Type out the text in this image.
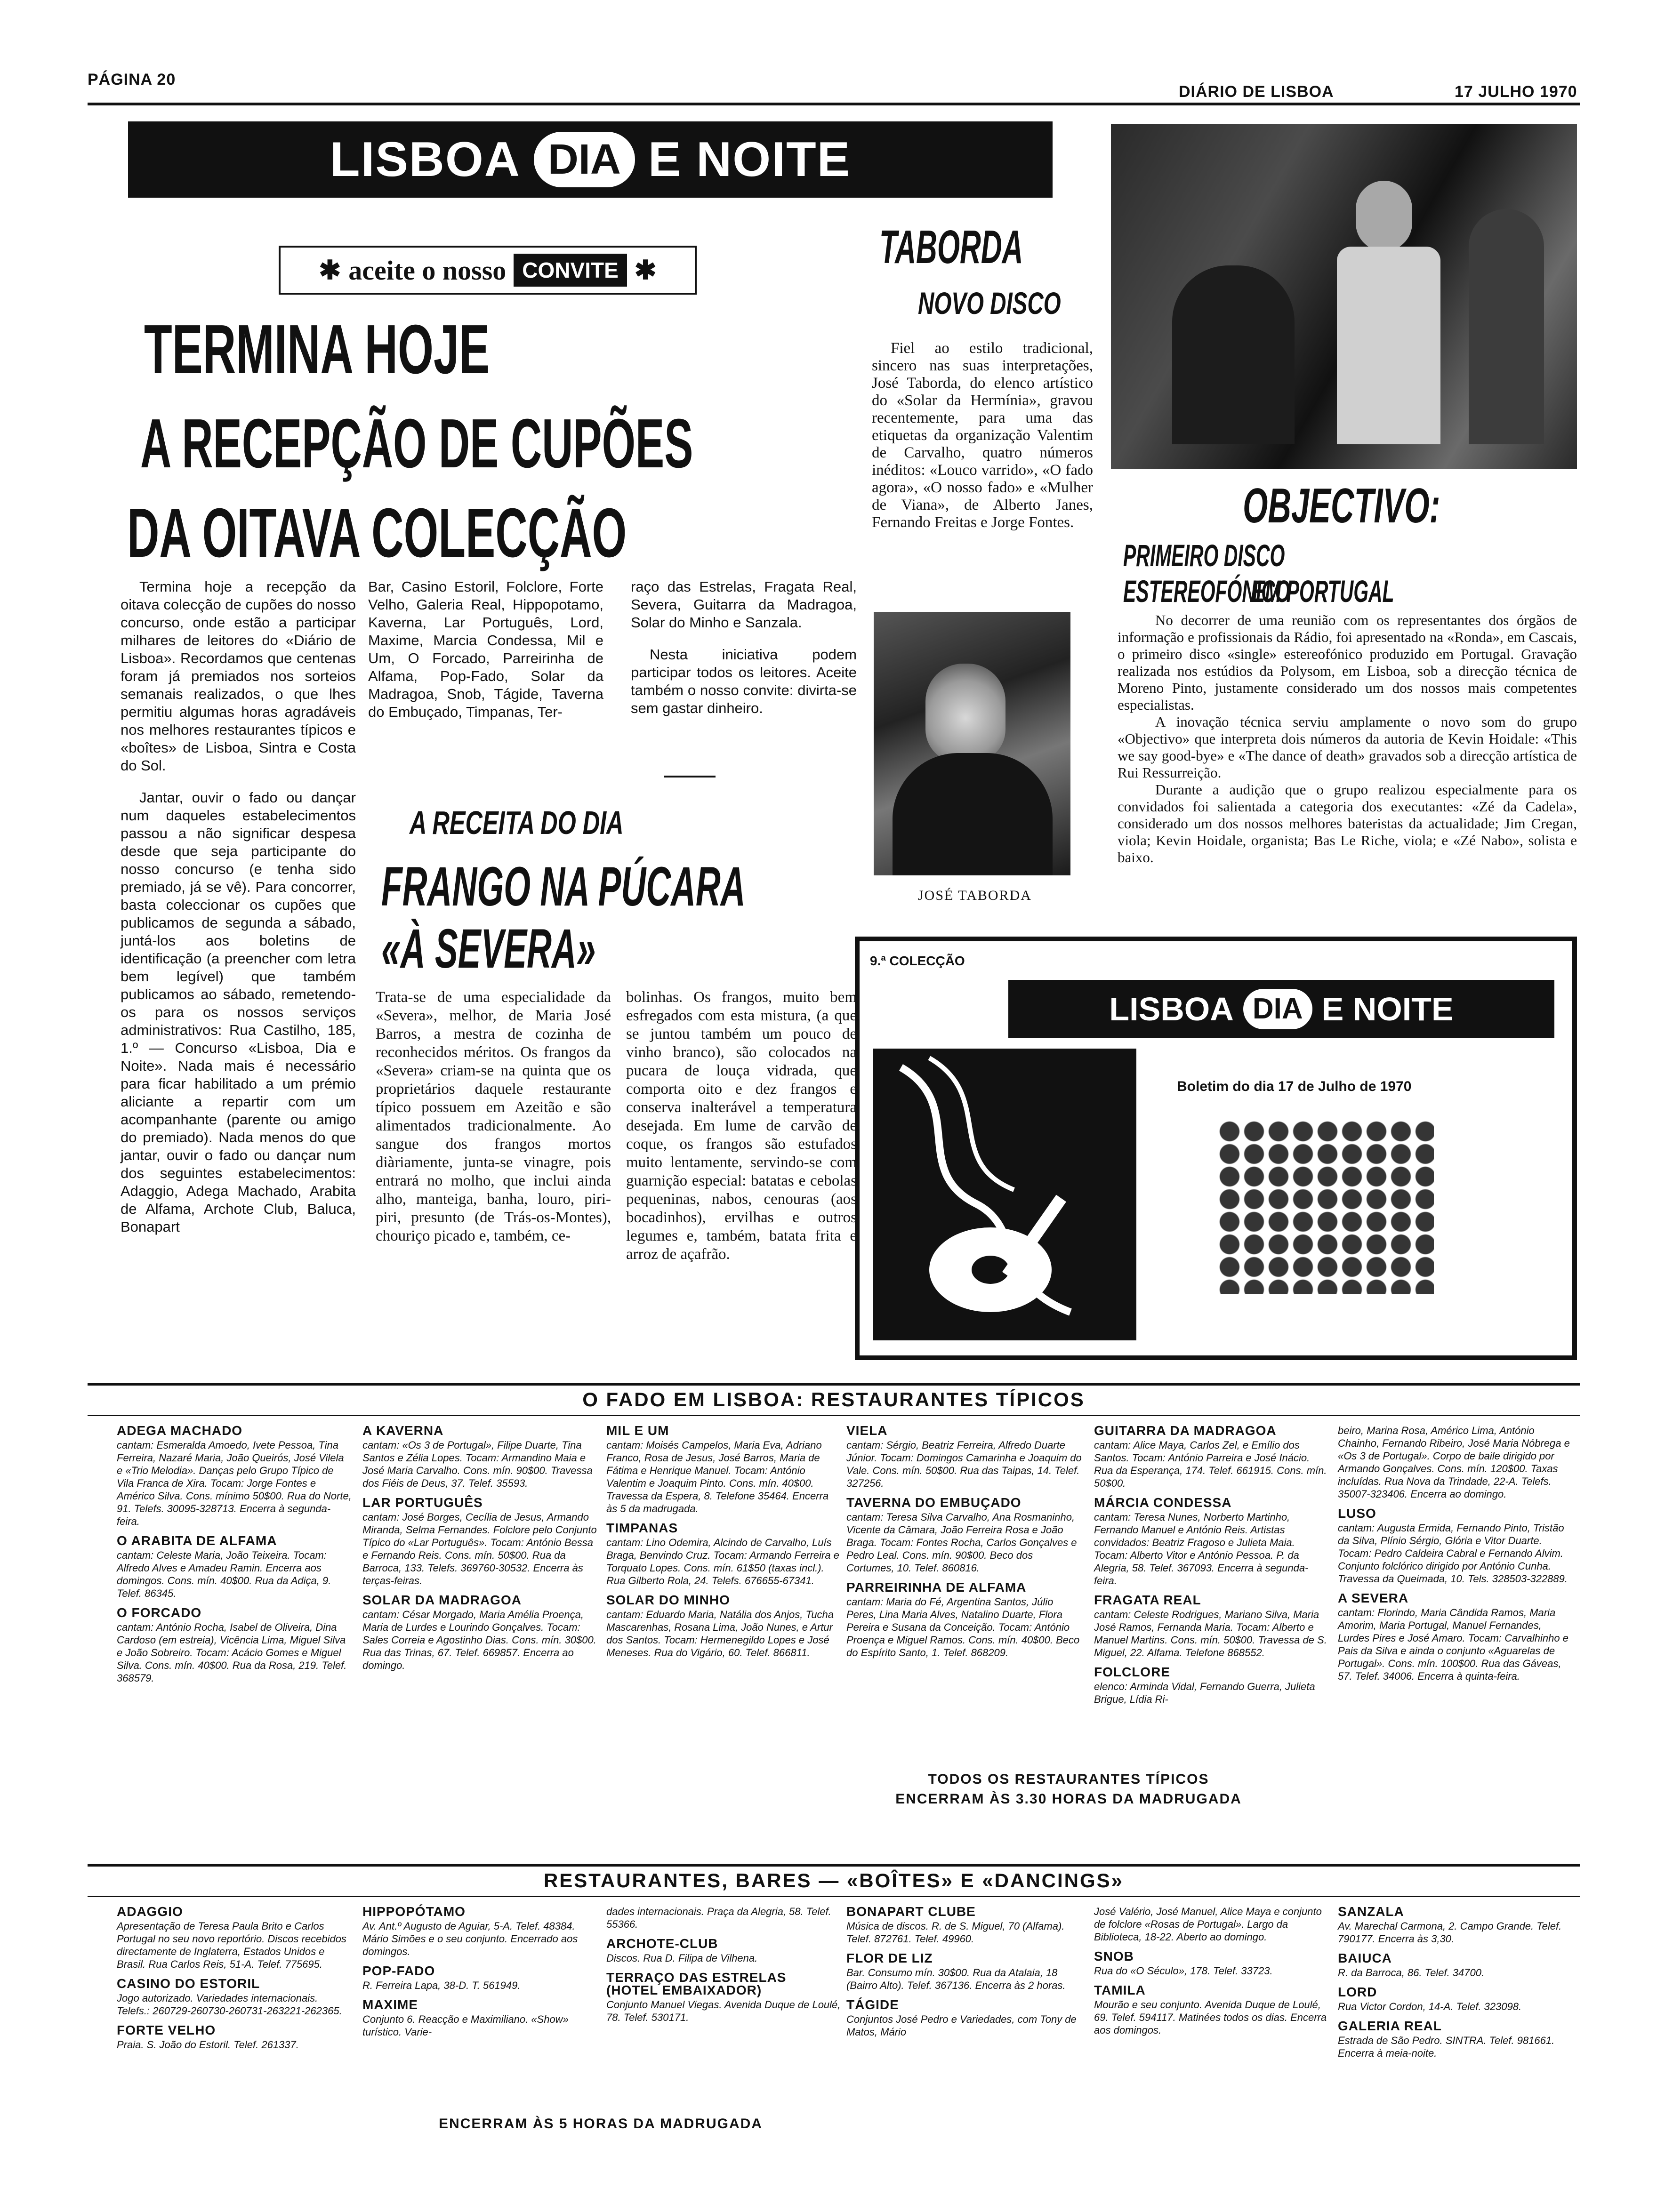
PÁGINA 20
DIÁRIO DE LISBOA	17 JULHO 1970
LISBOA DIA E NOITE
✱ aceite o nosso CONVITE ✱
TERMINA HOJE
A RECEPÇÃO DE CUPÕES
DA OITAVA COLECÇÃO
Termina hoje a recepção da oitava colecção de cupões do nosso concurso, onde estão a participar milhares de leitores do «Diário de Lisboa». Recordamos que centenas foram já premiados nos sorteios semanais realizados, o que lhes permitiu algumas horas agradáveis nos melhores restaurantes típicos e «boîtes» de Lisboa, Sintra e Costa do Sol.
Jantar, ouvir o fado ou dançar num daqueles estabelecimentos passou a não significar despesa desde que seja participante do nosso concurso (e tenha sido premiado, já se vê). Para concorrer, basta coleccionar os cupões que publicamos de segunda a sábado, juntá-los aos boletins de identificação (a preencher com letra bem legível) que também publicamos ao sábado, remetendo-os para os nossos serviços administrativos: Rua Castilho, 185, 1.º — Concurso «Lisboa, Dia e Noite». Nada mais é necessário para ficar habilitado a um prémio aliciante a repartir com um acompanhante (parente ou amigo do premiado). Nada menos do que jantar, ouvir o fado ou dançar num dos seguintes estabelecimentos: Adaggio, Adega Machado, Arabita de Alfama, Archote Club, Baluca, Bonapart
Bar, Casino Estoril, Folclore, Forte Velho, Galeria Real, Hippopotamo, Kaverna, Lar Português, Lord, Maxime, Marcia Condessa, Mil e Um, O Forcado, Parreirinha de Alfama, Pop-Fado, Solar da Madragoa, Snob, Tágide, Taverna do Embuçado, Timpanas, Ter-
raço das Estrelas, Fragata Real, Severa, Guitarra da Madragoa, Solar do Minho e Sanzala.
Nesta iniciativa podem participar todos os leitores. Aceite também o nosso convite: divirta-se sem gastar dinheiro.
A RECEITA DO DIA
FRANGO NA PÚCARA
«À SEVERA»
Trata-se de uma especialidade da «Severa», melhor, de Maria José Barros, a mestra de cozinha de reconhecidos méritos. Os frangos da «Severa» criam-se na quinta que os proprietários daquele restaurante típico possuem em Azeitão e são alimentados tradicionalmente. Ao sangue dos frangos mortos diàriamente, junta-se vinagre, pois entrará no molho, que inclui ainda alho, manteiga, banha, louro, piri-piri, presunto (de Trás-os-Montes), chouriço picado e, também, ce-
bolinhas. Os frangos, muito bem esfregados com esta mistura, (a que se juntou também um pouco de vinho branco), são colocados na pucara de louça vidrada, que comporta oito e dez frangos e conserva inalterável a temperatura desejada. Em lume de carvão de coque, os frangos são estufados muito lentamente, servindo-se com guarnição especial: batatas e cebolas pequeninas, nabos, cenouras (aos bocadinhos), ervilhas e outros legumes e, também, batata frita e arroz de açafrão.
TABORDA
NOVO DISCO
Fiel ao estilo tradicional, sincero nas suas interpretações, José Taborda, do elenco artístico do «Solar da Hermínia», gravou recentemente, para uma das etiquetas da organização Valentim de Carvalho, quatro números inéditos: «Louco varrido», «O fado agora», «O nosso fado» e «Mulher de Viana», de Alberto Janes, Fernando Freitas e Jorge Fontes.
JOSÉ TABORDA
OBJECTIVO:
PRIMEIRO DISCO ESTEREOFÓNICO
EM PORTUGAL
No decorrer de uma reunião com os representantes dos órgãos de informação e profissionais da Rádio, foi apresentado na «Ronda», em Cascais, o primeiro disco «single» estereofónico produzido em Portugal. Gravação realizada nos estúdios da Polysom, em Lisboa, sob a direcção técnica de Moreno Pinto, justamente considerado um dos nossos mais competentes especialistas.
A inovação técnica serviu amplamente o novo som do grupo «Objectivo» que interpreta dois números da autoria de Kevin Hoidale: «This we say good-bye» e «The dance of death» gravados sob a direcção artística de Rui Ressurreição.
Durante a audição que o grupo realizou especialmente para os convidados foi salientada a categoria dos executantes: «Zé da Cadela», considerado um dos nossos melhores bateristas da actualidade; Jim Cregan, viola; Kevin Hoidale, organista; Bas Le Riche, viola; e «Zé Nabo», solista e baixo.
9.ª COLECÇÃO
LISBOA DIA E NOITE
Boletim do dia 17 de Julho de 1970
O FADO EM LISBOA: RESTAURANTES TÍPICOS
ADEGA MACHADO
cantam: Esmeralda Amoedo, Ivete Pessoa, Tina Ferreira, Nazaré Maria, João Queirós, José Vilela e «Trio Melodia». Danças pelo Grupo Típico de Vila Franca de Xira. Tocam: Jorge Fontes e Américo Silva. Cons. mínimo 50$00. Rua do Norte, 91. Telefs. 30095-328713. Encerra à segunda-feira.
O ARABITA DE ALFAMA
cantam: Celeste Maria, João Teixeira. Tocam: Alfredo Alves e Amadeu Ramin. Encerra aos domingos. Cons. mín. 40$00. Rua da Adiça, 9. Telef. 86345.
O FORCADO
cantam: António Rocha, Isabel de Oliveira, Dina Cardoso (em estreia), Vicência Lima, Miguel Silva e João Sobreiro. Tocam: Acácio Gomes e Miguel Silva. Cons. mín. 40$00. Rua da Rosa, 219. Telef. 368579.
A KAVERNA
cantam: «Os 3 de Portugal», Filipe Duarte, Tina Santos e Zélia Lopes. Tocam: Armandino Maia e José Maria Carvalho. Cons. mín. 90$00. Travessa dos Fiéis de Deus, 37. Telef. 35593.
LAR PORTUGUÊS
cantam: José Borges, Cecília de Jesus, Armando Miranda, Selma Fernandes. Folclore pelo Conjunto Típico do «Lar Português». Tocam: António Bessa e Fernando Reis. Cons. mín. 50$00. Rua da Barroca, 133. Telefs. 369760-30532. Encerra às terças-feiras.
SOLAR DA MADRAGOA
cantam: César Morgado, Maria Amélia Proença, Maria de Lurdes e Lourindo Gonçalves. Tocam: Sales Correia e Agostinho Dias. Cons. mín. 30$00. Rua das Trinas, 67. Telef. 669857. Encerra ao domingo.
MIL E UM
cantam: Moisés Campelos, Maria Eva, Adriano Franco, Rosa de Jesus, José Barros, Maria de Fátima e Henrique Manuel. Tocam: António Valentim e Joaquim Pinto. Cons. mín. 40$00. Travessa da Espera, 8. Telefone 35464. Encerra às 5 da madrugada.
TIMPANAS
cantam: Lino Odemira, Alcindo de Carvalho, Luís Braga, Benvindo Cruz. Tocam: Armando Ferreira e Torquato Lopes. Cons. mín. 61$50 (taxas incl.). Rua Gilberto Rola, 24. Telefs. 676655-67341.
SOLAR DO MINHO
cantam: Eduardo Maria, Natália dos Anjos, Tucha Mascarenhas, Rosana Lima, João Nunes, e Artur dos Santos. Tocam: Hermenegildo Lopes e José Meneses. Rua do Vigário, 60. Telef. 866811.
VIELA
cantam: Sérgio, Beatriz Ferreira, Alfredo Duarte Júnior. Tocam: Domingos Camarinha e Joaquim do Vale. Cons. mín. 50$00. Rua das Taipas, 14. Telef. 327256.
TAVERNA DO EMBUÇADO
cantam: Teresa Silva Carvalho, Ana Rosmaninho, Vicente da Câmara, João Ferreira Rosa e João Braga. Tocam: Fontes Rocha, Carlos Gonçalves e Pedro Leal. Cons. mín. 90$00. Beco dos Cortumes, 10. Telef. 860816.
PARREIRINHA DE ALFAMA
cantam: Maria do Fé, Argentina Santos, Júlio Peres, Lina Maria Alves, Natalino Duarte, Flora Pereira e Susana da Conceição. Tocam: António Proença e Miguel Ramos. Cons. mín. 40$00. Beco do Espírito Santo, 1. Telef. 868209.
GUITARRA DA MADRAGOA
cantam: Alice Maya, Carlos Zel, e Emílio dos Santos. Tocam: António Parreira e José Inácio. Rua da Esperança, 174. Telef. 661915. Cons. mín. 50$00.
MÁRCIA CONDESSA
cantam: Teresa Nunes, Norberto Martinho, Fernando Manuel e António Reis. Artistas convidados: Beatriz Fragoso e Julieta Maia. Tocam: Alberto Vitor e António Pessoa. P. da Alegria, 58. Telef. 367093. Encerra à segunda-feira.
FRAGATA REAL
cantam: Celeste Rodrigues, Mariano Silva, Maria José Ramos, Fernanda Maria. Tocam: Alberto e Manuel Martins. Cons. mín. 50$00. Travessa de S. Miguel, 22. Alfama. Telefone 868552.
FOLCLORE
elenco: Arminda Vidal, Fernando Guerra, Julieta Brigue, Lídia Ri-
beiro, Marina Rosa, Américo Lima, António Chainho, Fernando Ribeiro, José Maria Nóbrega e «Os 3 de Portugal». Corpo de baile dirigido por Armando Gonçalves. Cons. mín. 120$00. Taxas incluídas. Rua Nova da Trindade, 22-A. Telefs. 35007-323406. Encerra ao domingo.
LUSO
cantam: Augusta Ermida, Fernando Pinto, Tristão da Silva, Plínio Sérgio, Glória e Vitor Duarte. Tocam: Pedro Caldeira Cabral e Fernando Alvim. Conjunto folclórico dirigido por António Cunha. Travessa da Queimada, 10. Tels. 328503-322889.
A SEVERA
cantam: Florindo, Maria Cândida Ramos, Maria Amorim, Maria Portugal, Manuel Fernandes, Lurdes Pires e José Amaro. Tocam: Carvalhinho e Pais da Silva e ainda o conjunto «Aguarelas de Portugal». Cons. mín. 100$00. Rua das Gáveas, 57. Telef. 34006. Encerra à quinta-feira.
TODOS OS RESTAURANTES TÍPICOS
ENCERRAM ÀS 3.30 HORAS DA MADRUGADA
RESTAURANTES, BARES — «BOÎTES» E «DANCINGS»
ADAGGIO
Apresentação de Teresa Paula Brito e Carlos Portugal no seu novo reportório. Discos recebidos directamente de Inglaterra, Estados Unidos e Brasil. Rua Carlos Reis, 51-A. Telef. 775695.
CASINO DO ESTORIL
Jogo autorizado. Variedades internacionais. Telefs.: 260729-260730-260731-263221-262365.
FORTE VELHO
Praia. S. João do Estoril. Telef. 261337.
HIPPOPÓTAMO
Av. Ant.º Augusto de Aguiar, 5-A. Telef. 48384. Mário Simões e o seu conjunto. Encerrado aos domingos.
POP-FADO
R. Ferreira Lapa, 38-D. T. 561949.
MAXIME
Conjunto 6. Reacção e Maximiliano. «Show» turístico. Varie-
dades internacionais. Praça da Alegria, 58. Telef. 55366.
ARCHOTE-CLUB
Discos. Rua D. Filipa de Vilhena.
TERRAÇO DAS ESTRELAS (HOTEL EMBAIXADOR)
Conjunto Manuel Viegas. Avenida Duque de Loulé, 78. Telef. 530171.
BONAPART CLUBE
Música de discos. R. de S. Miguel, 70 (Alfama). Telef. 872761. Telef. 49960.
FLOR DE LIZ
Bar. Consumo mín. 30$00. Rua da Atalaia, 18 (Bairro Alto). Telef. 367136. Encerra às 2 horas.
TÁGIDE
Conjuntos José Pedro e Variedades, com Tony de Matos, Mário
José Valério, José Manuel, Alice Maya e conjunto de folclore «Rosas de Portugal». Largo da Biblioteca, 18-22. Aberto ao domingo.
SNOB
Rua do «O Século», 178. Telef. 33723.
TAMILA
Mourão e seu conjunto. Avenida Duque de Loulé, 69. Telef. 594117. Matinées todos os dias. Encerra aos domingos.
SANZALA
Av. Marechal Carmona, 2. Campo Grande. Telef. 790177. Encerra às 3,30.
BAIUCA
R. da Barroca, 86. Telef. 34700.
LORD
Rua Victor Cordon, 14-A. Telef. 323098.
GALERIA REAL
Estrada de São Pedro. SINTRA. Telef. 981661. Encerra à meia-noite.
ENCERRAM ÀS 5 HORAS DA MADRUGADA
